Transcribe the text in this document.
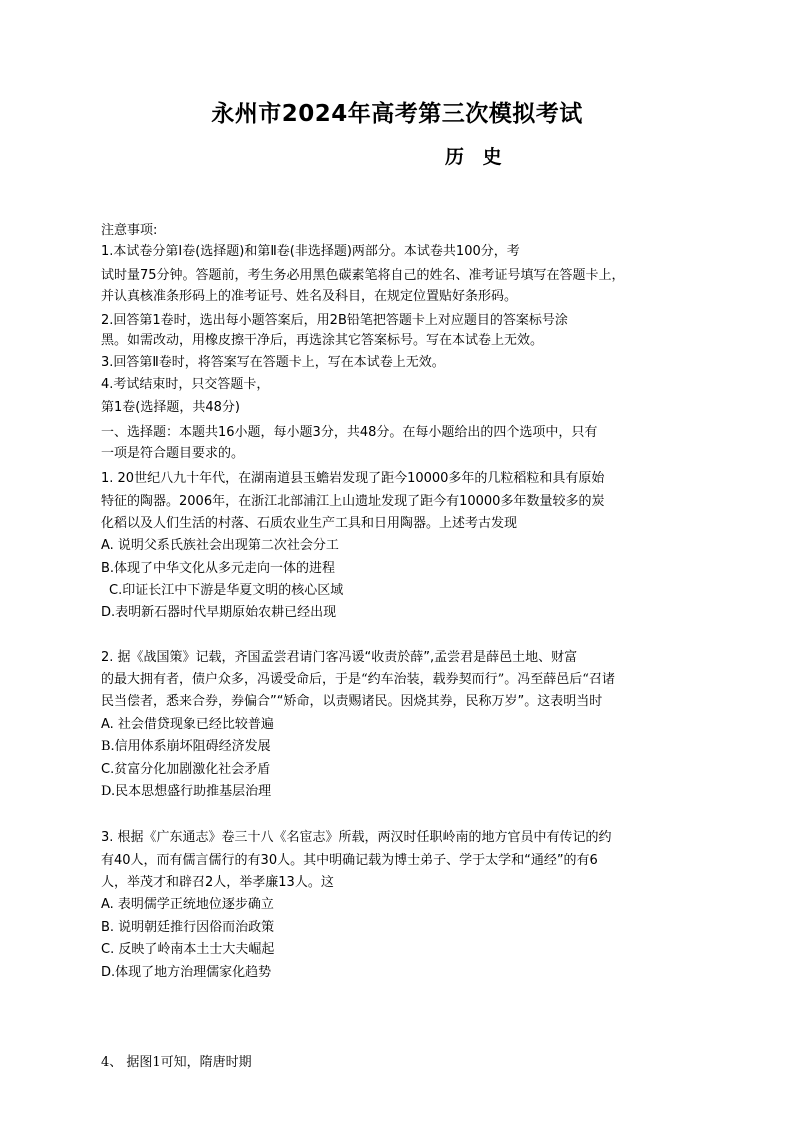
永州市2024年高考第三次模拟考试
历 史
注意事项:
1.本试卷分第Ⅰ卷(选择题)和第Ⅱ卷(非选择题)两部分。本试卷共100分，考
试时量75分钟。答题前，考生务必用黑色碳素笔将自己的姓名、准考证号填写在答题卡上，
并认真核准条形码上的准考证号、姓名及科目，在规定位置贴好条形码。
2.回答第1卷时，选出每小题答案后，用2B铅笔把答题卡上对应题目的答案标号涂
黑。如需改动，用橡皮擦干净后，再选涂其它答案标号。写在本试卷上无效。
3.回答第Ⅱ卷时，将答案写在答题卡上，写在本试卷上无效。
4.考试结束时，只交答题卡，
第1卷(选择题，共48分)
一、选择题：本题共16小题，每小题3分，共48分。在每小题给出的四个选项中，只有
一项是符合题目要求的。
1. 20世纪八九十年代，在湖南道县玉蟾岩发现了距今10000多年的几粒稻粒和具有原始
特征的陶器。2006年，在浙江北部浦江上山遗址发现了距今有10000多年数量较多的炭
化稻以及人们生活的村落、石质农业生产工具和日用陶器。上述考古发现
A. 说明父系氏族社会出现第二次社会分工
B.体现了中华文化从多元走向一体的进程
C.印证长江中下游是华夏文明的核心区域
D.表明新石器时代早期原始农耕已经出现
2. 据《战国策》记载，齐国孟尝君请门客冯谖“收责於薛”,孟尝君是薛邑土地、财富
的最大拥有者，债户众多，冯谖受命后，于是“约车治装，载券契而行”。冯至薛邑后“召诸
民当偿者，悉来合券，券偏合”“矫命，以责赐诸民。因烧其券，民称万岁”。这表明当时
A. 社会借贷现象已经比较普遍
B.信用体系崩坏阻碍经济发展
C.贫富分化加剧激化社会矛盾
D.民本思想盛行助推基层治理
3. 根据《广东通志》卷三十八《名宦志》所载，两汉时任职岭南的地方官员中有传记的约
有40人，而有儒言儒行的有30人。其中明确记载为博士弟子、学于太学和“通经”的有6
人，举茂才和辟召2人，举孝廉13人。这
A. 表明儒学正统地位逐步确立
B. 说明朝廷推行因俗而治政策
C. 反映了岭南本土士大夫崛起
D.体现了地方治理儒家化趋势
4、 据图1可知，隋唐时期
